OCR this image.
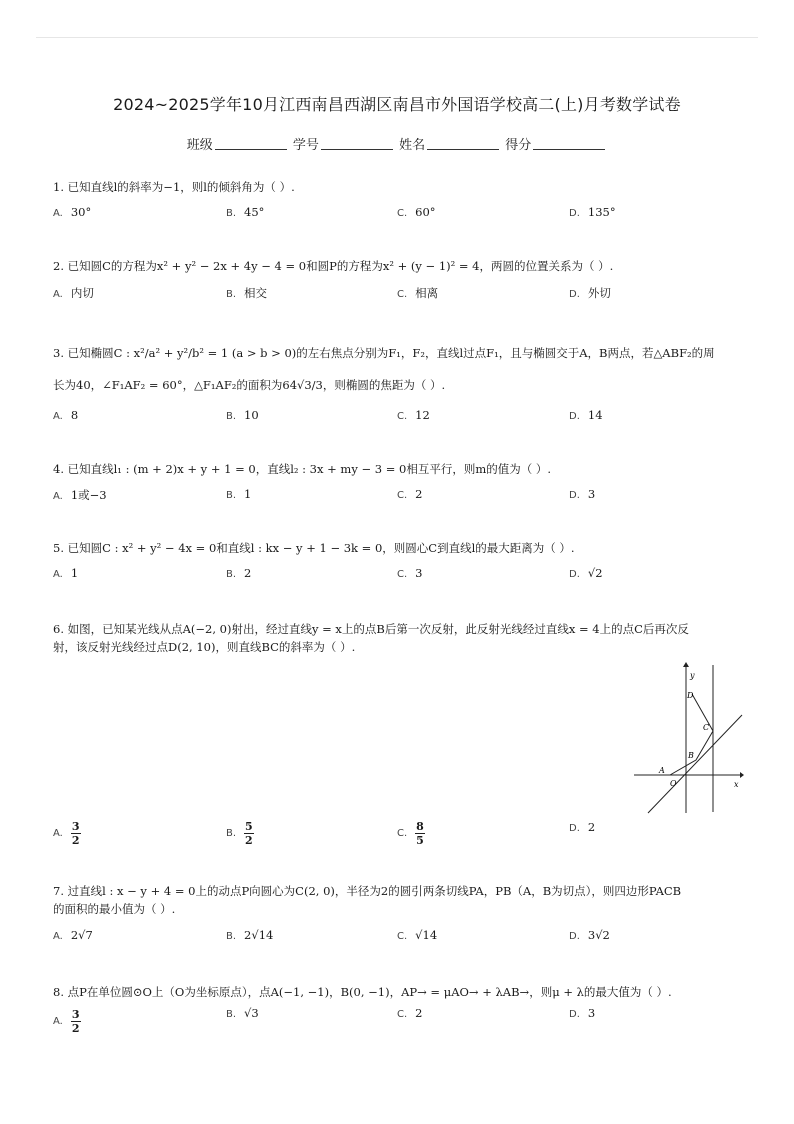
2024~2025学年10月江西南昌西湖区南昌市外国语学校高二(上)月考数学试卷
班级	学号	姓名	得分
1. 已知直线l的斜率为−1，则l的倾斜角为（ ）.
A. 30°	B. 45°	C. 60°	D. 135°
2. 已知圆C的方程为x² + y² − 2x + 4y − 4 = 0和圆P的方程为x² + (y − 1)² = 4，两圆的位置关系为（ ）.
A. 内切	B. 相交	C. 相离	D. 外切
3. 已知椭圆C : x²/a² + y²/b² = 1 (a > b > 0)的左右焦点分别为F₁，F₂，直线l过点F₁，且与椭圆交于A，B两点，若△ABF₂的周
长为40，∠F₁AF₂ = 60°，△F₁AF₂的面积为64√3/3，则椭圆的焦距为（ ）.
A. 8	B. 10	C. 12	D. 14
4. 已知直线l₁ : (m + 2)x + y + 1 = 0，直线l₂ : 3x + my − 3 = 0相互平行，则m的值为（ ）.
A. 1或−3	B. 1	C. 2	D. 3
5. 已知圆C : x² + y² − 4x = 0和直线l : kx − y + 1 − 3k = 0，则圆心C到直线l的最大距离为（ ）.
A. 1	B. 2	C. 3	D. √2
6. 如图，已知某光线从点A(−2, 0)射出，经过直线y = x上的点B后第一次反射，此反射光线经过直线x = 4上的点C后再次反
射，该反射光线经过点D(2, 10)，则直线BC的斜率为（ ）.
y
x
D
C
B
A
O
A. $\frac{3}{2}$	B. $\frac{5}{2}$	C. $\frac{8}{5}$	D. 2
7. 过直线l : x − y + 4 = 0上的动点P向圆心为C(2, 0)，半径为2的圆引两条切线PA，PB（A，B为切点），则四边形PACB
的面积的最小值为（ ）.
A. 2√7	B. 2√14	C. √14	D. 3√2
8. 点P在单位圆⊙O上（O为坐标原点），点A(−1, −1)，B(0, −1)，AP→ = μAO→ + λAB→，则μ + λ的最大值为（ ）.
A. $\frac{3}{2}$	B. √3	C. 2	D. 3
